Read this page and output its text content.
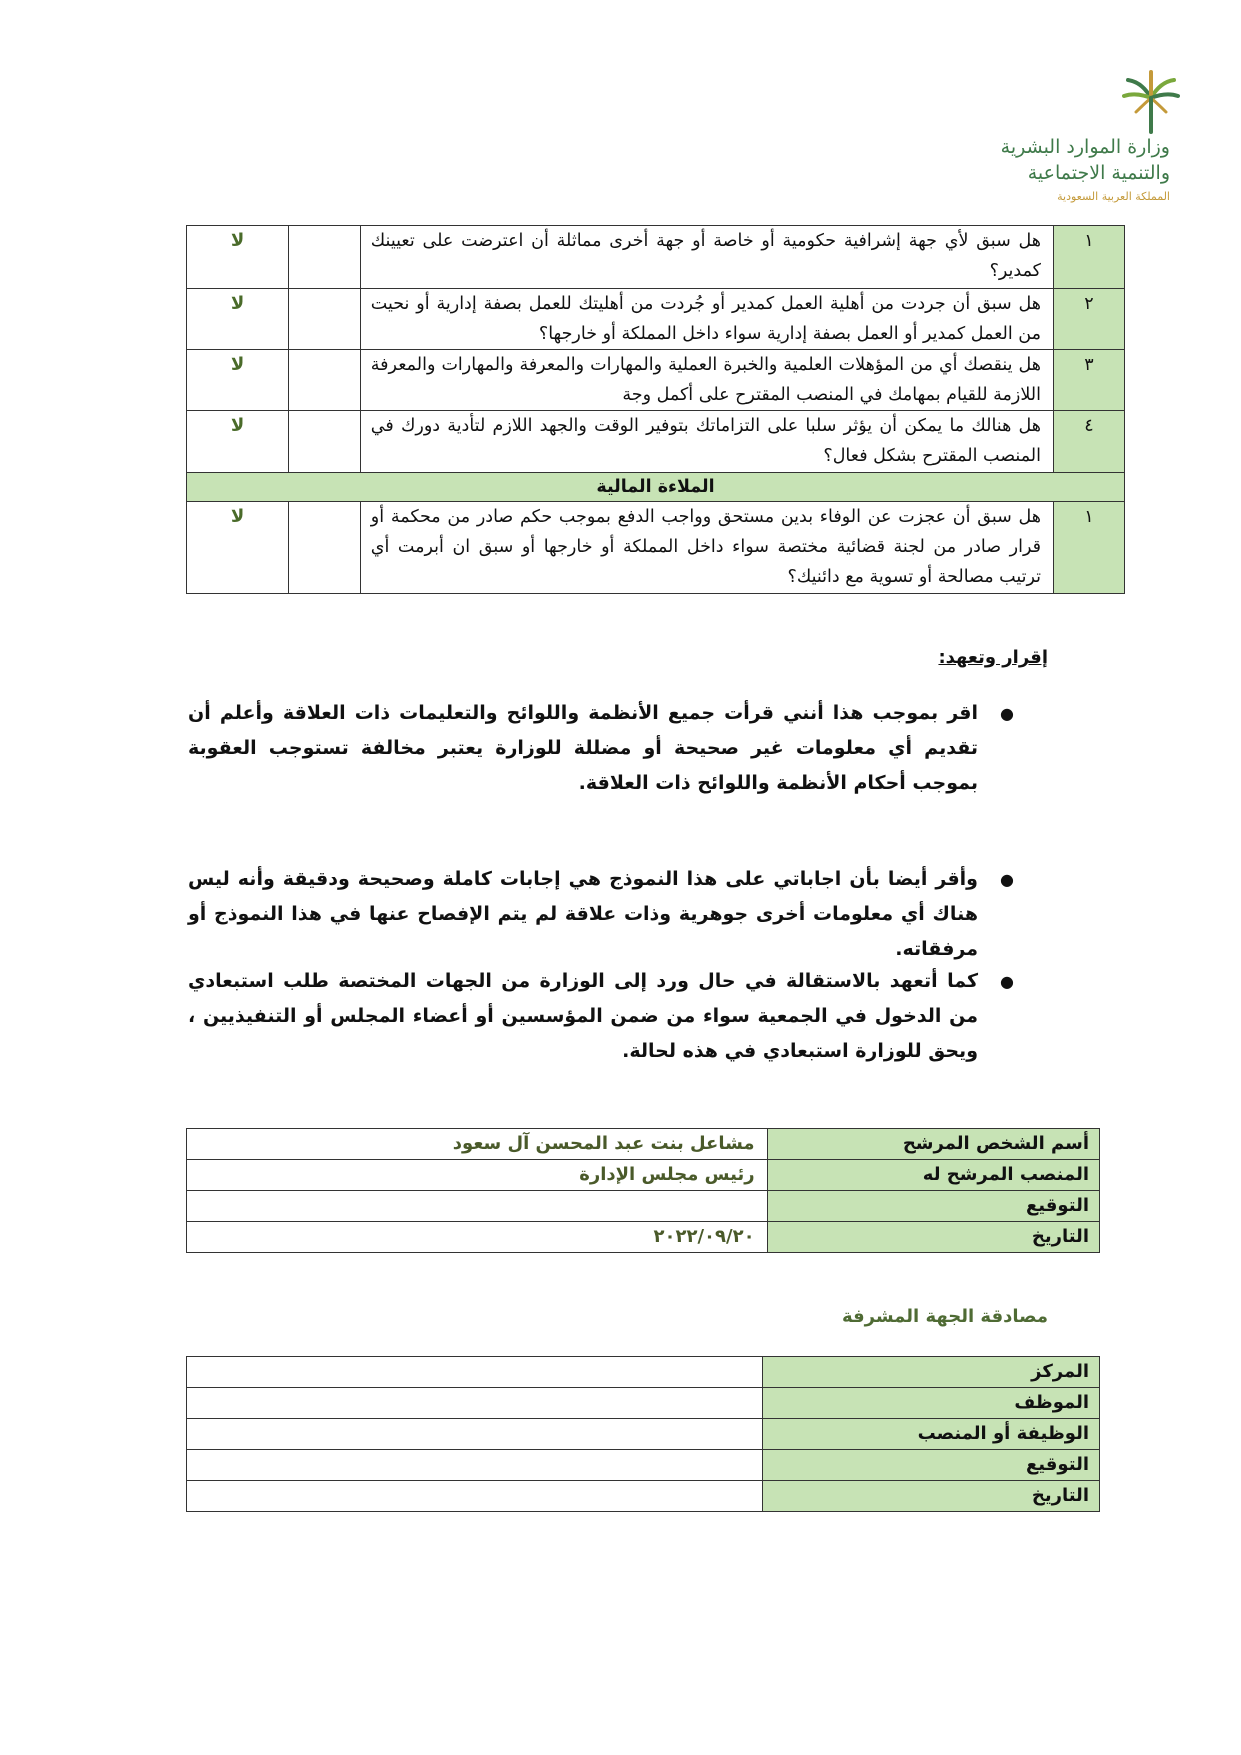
وزارة الموارد البشرية
والتنمية الاجتماعية
المملكة العربية السعودية
١	هل سبق لأي جهة إشرافية حكومية أو خاصة أو جهة أخرى مماثلة أن اعترضت على تعيينك كمدير؟		لا
٢	هل سبق أن جردت من أهلية العمل كمدير أو جُردت من أهليتك للعمل بصفة إدارية أو نحيت من العمل كمدير أو العمل بصفة إدارية سواء داخل المملكة أو خارجها؟		لا
٣	هل ينقصك أي من المؤهلات العلمية والخبرة العملية والمهارات والمعرفة والمهارات والمعرفة اللازمة للقيام بمهامك في المنصب المقترح على أكمل وجة		لا
٤	هل هنالك ما يمكن أن يؤثر سلبا على التزاماتك بتوفير الوقت والجهد اللازم لتأدية دورك في المنصب المقترح بشكل فعال؟		لا
الملاءة المالية			
١	هل سبق أن عجزت عن الوفاء بدين مستحق وواجب الدفع بموجب حكم صادر من محكمة أو قرار صادر من لجنة قضائية مختصة سواء داخل المملكة أو خارجها أو سبق ان أبرمت أي ترتيب مصالحة أو تسوية مع دائنيك؟		لا
إقرار وتعهد:
●
اقر بموجب هذا أنني قرأت جميع الأنظمة واللوائح والتعليمات ذات العلاقة وأعلم أن تقديم أي معلومات غير صحيحة أو مضللة للوزارة يعتبر مخالفة تستوجب العقوبة بموجب أحكام الأنظمة واللوائح ذات العلاقة.
●
وأقر أيضا بأن اجاباتي على هذا النموذج هي إجابات كاملة وصحيحة ودقيقة وأنه ليس هناك أي معلومات أخرى جوهرية وذات علاقة لم يتم الإفصاح عنها في هذا النموذج أو مرفقاته.
●
كما أتعهد بالاستقالة في حال ورد إلى الوزارة من الجهات المختصة طلب استبعادي من الدخول في الجمعية سواء من ضمن المؤسسين أو أعضاء المجلس أو التنفيذيين ، ويحق للوزارة استبعادي في هذه لحالة.
أسم الشخص المرشح	مشاعل بنت عبد المحسن آل سعود
المنصب المرشح له	رئيس مجلس الإدارة
التوقيع	
التاريخ	٢٠٢٢/٠٩/٢٠
مصادقة الجهة المشرفة
المركز	
الموظف	
الوظيفة أو المنصب	
التوقيع	
التاريخ	
